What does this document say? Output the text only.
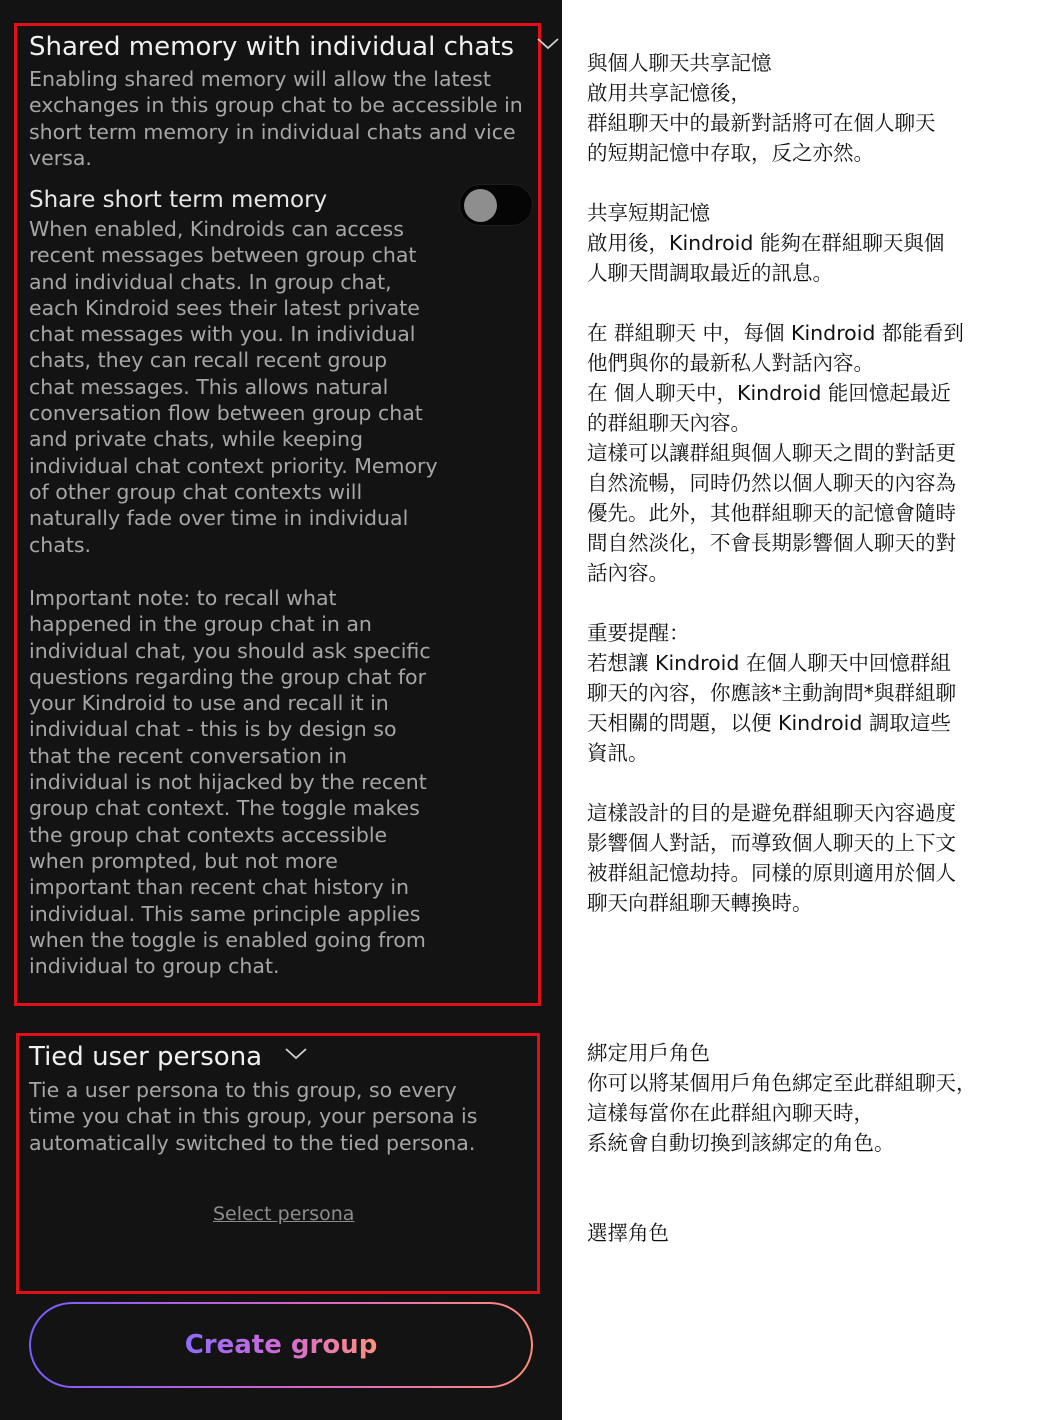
Shared memory with individual chats
Enabling shared memory will allow the latest
exchanges in this group chat to be accessible in
short term memory in individual chats and vice
versa.
Share short term memory
When enabled, Kindroids can access
recent messages between group chat
and individual chats. In group chat,
each Kindroid sees their latest private
chat messages with you. In individual
chats, they can recall recent group
chat messages. This allows natural
conversation flow between group chat
and private chats, while keeping
individual chat context priority. Memory
of other group chat contexts will
naturally fade over time in individual
chats.
Important note: to recall what
happened in the group chat in an
individual chat, you should ask specific
questions regarding the group chat for
your Kindroid to use and recall it in
individual chat - this is by design so
that the recent conversation in
individual is not hijacked by the recent
group chat context. The toggle makes
the group chat contexts accessible
when prompted, but not more
important than recent chat history in
individual. This same principle applies
when the toggle is enabled going from
individual to group chat.
Tied user persona
Tie a user persona to this group, so every
time you chat in this group, your persona is
automatically switched to the tied persona.
Select persona
Create group
與個人聊天共享記憶
啟用共享記憶後，
群組聊天中的最新對話將可在個人聊天
的短期記憶中存取，反之亦然。
共享短期記憶
啟用後，Kindroid 能夠在群組聊天與個
人聊天間調取最近的訊息。
在 群組聊天 中，每個 Kindroid 都能看到
他們與你的最新私人對話內容。
在 個人聊天中，Kindroid 能回憶起最近
的群組聊天內容。
這樣可以讓群組與個人聊天之間的對話更
自然流暢，同時仍然以個人聊天的內容為
優先。此外，其他群組聊天的記憶會隨時
間自然淡化，不會長期影響個人聊天的對
話內容。
重要提醒：
若想讓 Kindroid 在個人聊天中回憶群組
聊天的內容，你應該*主動詢問*與群組聊
天相關的問題，以便 Kindroid 調取這些
資訊。
這樣設計的目的是避免群組聊天內容過度
影響個人對話，而導致個人聊天的上下文
被群組記憶劫持。同樣的原則適用於個人
聊天向群組聊天轉換時。
綁定用戶角色
你可以將某個用戶角色綁定至此群組聊天，
這樣每當你在此群組內聊天時，
系統會自動切換到該綁定的角色。
選擇角色
